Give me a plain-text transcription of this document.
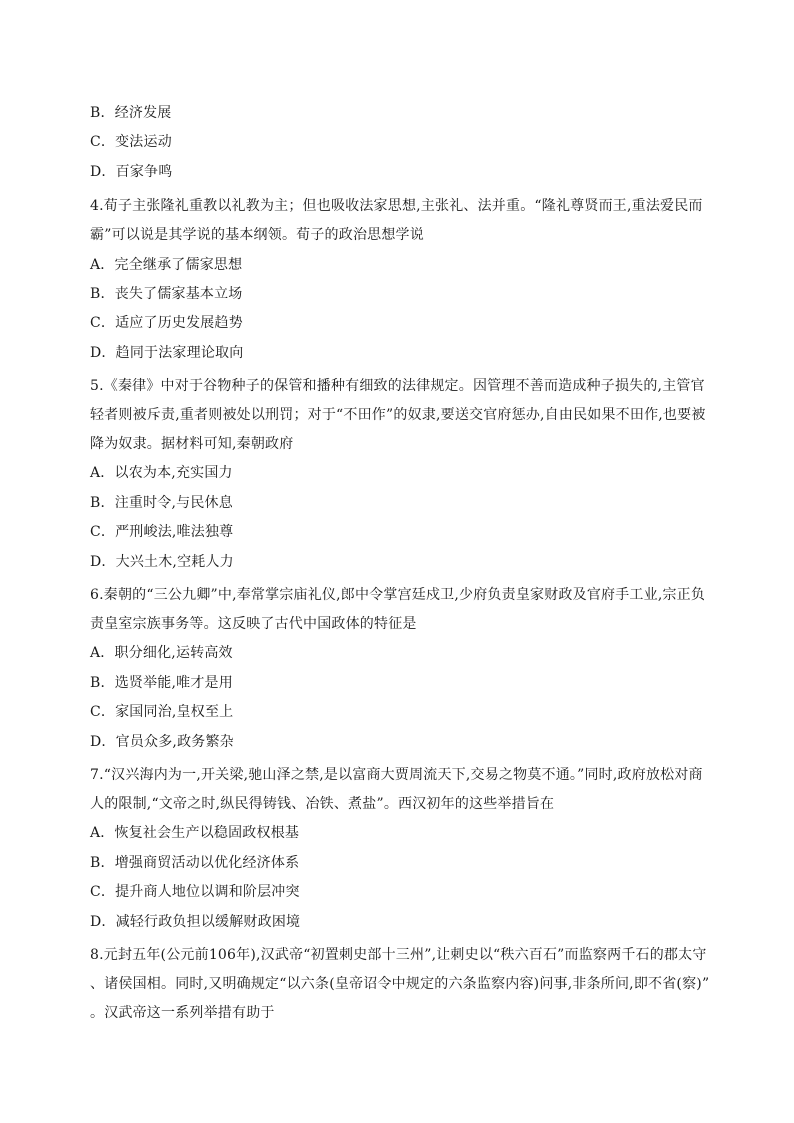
B．经济发展
C．变法运动
D．百家争鸣
4.荀子主张隆礼重教以礼教为主；但也吸收法家思想,主张礼、法并重。“隆礼尊贤而王,重法爱民而
霸”可以说是其学说的基本纲领。荀子的政治思想学说
A．完全继承了儒家思想
B．丧失了儒家基本立场
C．适应了历史发展趋势
D．趋同于法家理论取向
5.《秦律》中对于谷物种子的保管和播种有细致的法律规定。因管理不善而造成种子损失的,主管官
轻者则被斥责,重者则被处以刑罚；对于“不田作”的奴隶,要送交官府惩办,自由民如果不田作,也要被
降为奴隶。据材料可知,秦朝政府
A．以农为本,充实国力
B．注重时令,与民休息
C．严刑峻法,唯法独尊
D．大兴土木,空耗人力
6.秦朝的“三公九卿”中,奉常掌宗庙礼仪,郎中令掌宫廷戍卫,少府负责皇家财政及官府手工业,宗正负
责皇室宗族事务等。这反映了古代中国政体的特征是
A．职分细化,运转高效
B．选贤举能,唯才是用
C．家国同治,皇权至上
D．官员众多,政务繁杂
7.“汉兴海内为一,开关梁,驰山泽之禁,是以富商大贾周流天下,交易之物莫不通。”同时,政府放松对商
人的限制,“文帝之时,纵民得铸钱、冶铁、煮盐”。西汉初年的这些举措旨在
A．恢复社会生产以稳固政权根基
B．增强商贸活动以优化经济体系
C．提升商人地位以调和阶层冲突
D．减轻行政负担以缓解财政困境
8.元封五年(公元前106年),汉武帝“初置刺史部十三州”,让刺史以“秩六百石”而监察两千石的郡太守
、诸侯国相。同时,又明确规定“以六条(皇帝诏令中规定的六条监察内容)问事,非条所问,即不省(察)”
。汉武帝这一系列举措有助于
